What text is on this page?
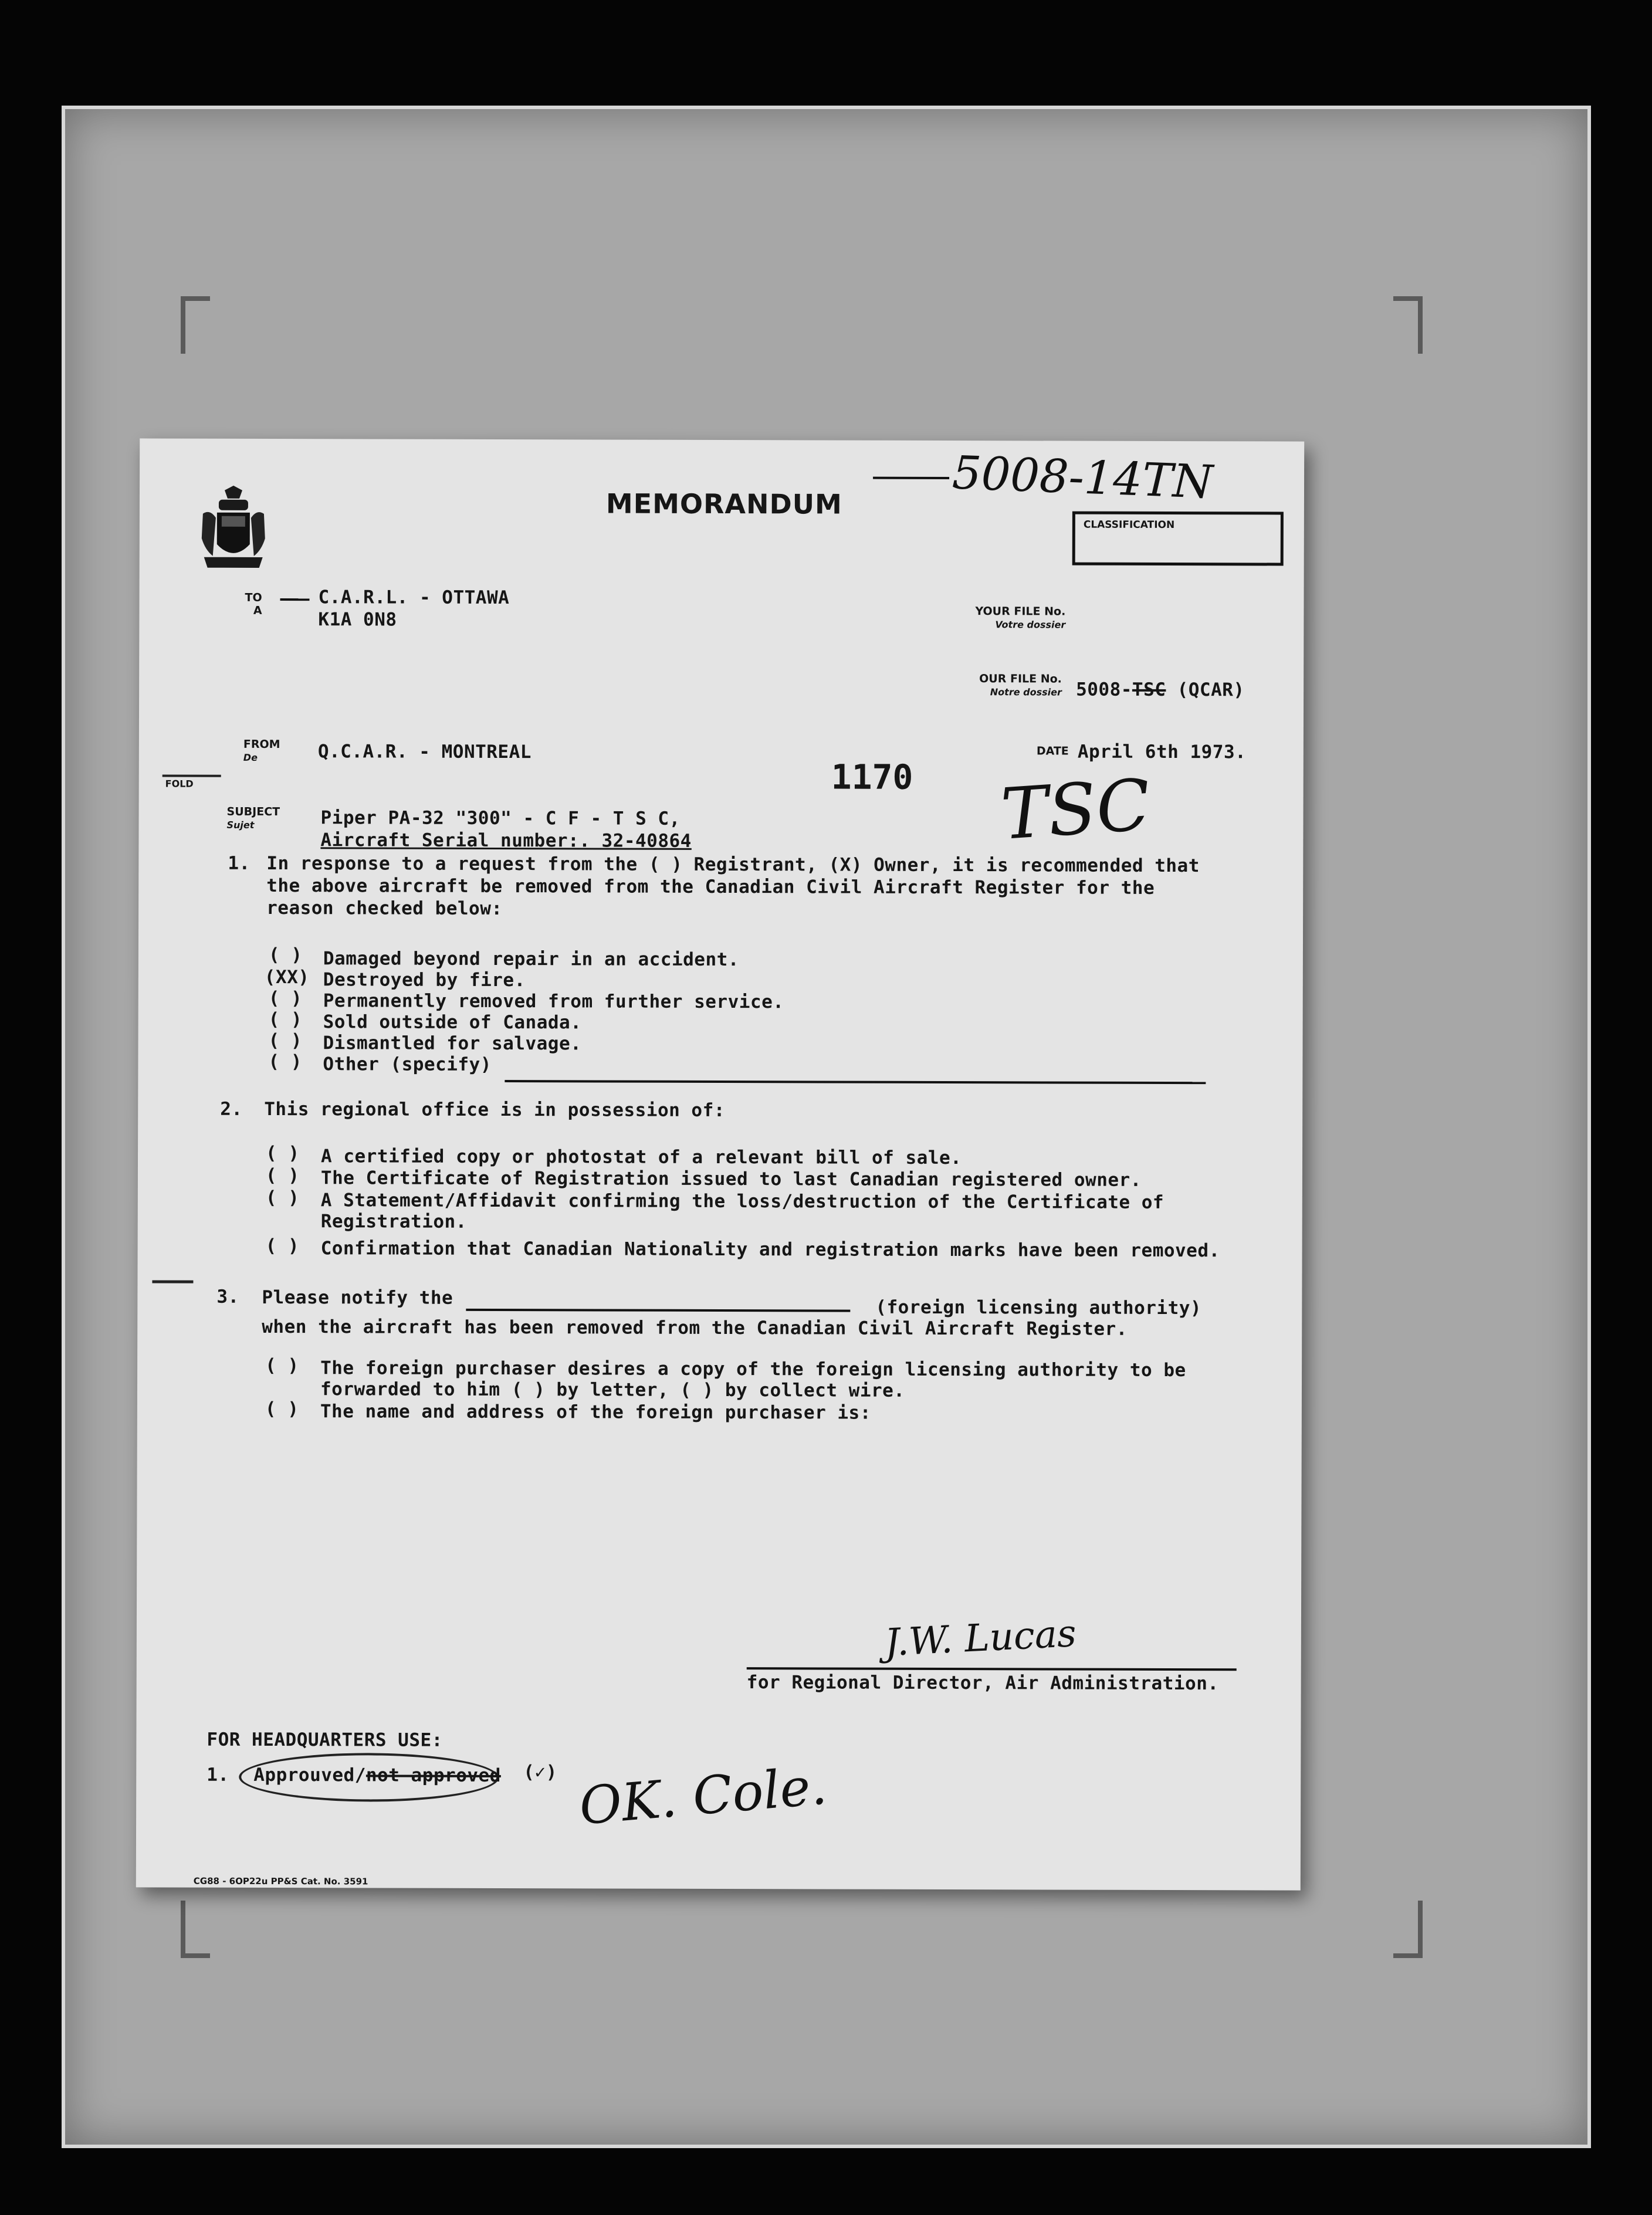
5008-14TN
MEMORANDUM
CLASSIFICATION
TO
A
C.A.R.L. - OTTAWA
K1A 0N8	YOUR FILE No.
Votre dossier
OUR FILE No.
Notre dossier 5008-TSC (QCAR)
FROM
De	Q.C.A.R. - MONTREAL	DATE April 6th 1973.
FOLD	1170 TSC
SUBJECT
Sujet	Piper PA-32 "300" - C F - T S C,
Aircraft Serial number:. 32-40864
1. In response to a request from the ( ) Registrant, (X) Owner, it is recommended that
the above aircraft be removed from the Canadian Civil Aircraft Register for the
reason checked below:
( ) Damaged beyond repair in an accident.
(XX) Destroyed by fire.
( ) Permanently removed from further service.
( ) Sold outside of Canada.
( ) Dismantled for salvage.
( ) Other (specify)
2. This regional office is in possession of:
( ) A certified copy or photostat of a relevant bill of sale.
( ) The Certificate of Registration issued to last Canadian registered owner.
( ) A Statement/Affidavit confirming the loss/destruction of the Certificate of
Registration.
( ) Confirmation that Canadian Nationality and registration marks have been removed.
3. Please notify the	(foreign licensing authority)
when the aircraft has been removed from the Canadian Civil Aircraft Register.
( ) The foreign purchaser desires a copy of the foreign licensing authority to be
forwarded to him ( ) by letter, ( ) by collect wire.
( ) The name and address of the foreign purchaser is:
J.W. Lucas
for Regional Director, Air Administration.
FOR HEADQUARTERS USE:
1. Approuved/not approved (✓) OK. Cole.
CG88 - 6OP22u PP&S Cat. No. 3591
